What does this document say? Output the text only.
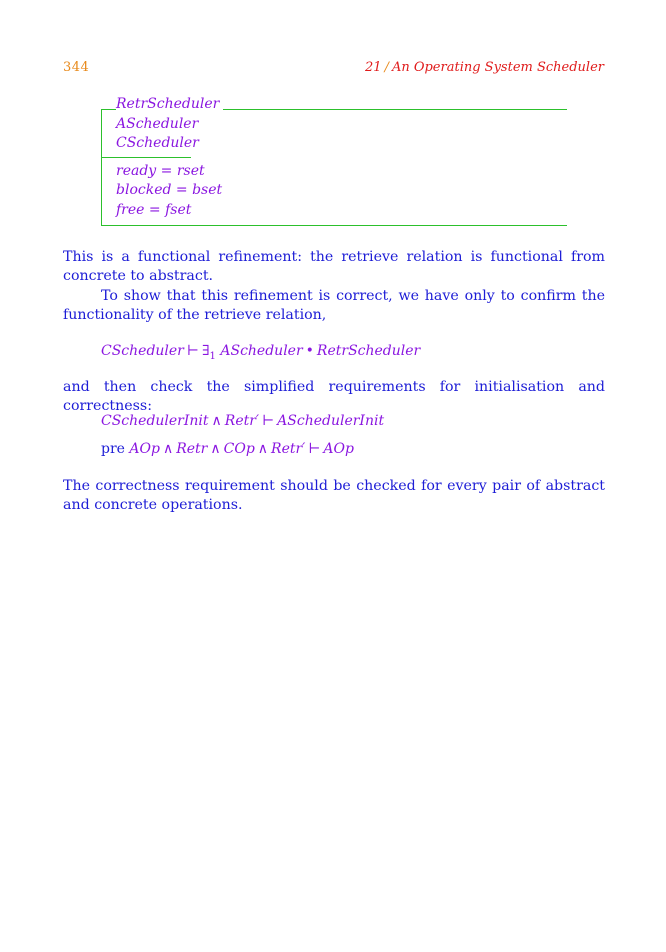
344	21 / An Operating System Scheduler
RetrScheduler
AScheduler
CScheduler
ready = rset
blocked = bset
free = fset

This is a functional refinement: the retrieve relation is functional from concrete to abstract.

To show that this refinement is correct, we have only to confirm the functionality of the retrieve relation,

CScheduler ⊢ $\exists_1$ AScheduler • RetrScheduler

and then check the simplified requirements for initialisation and correctness:

CSchedulerInit ∧ Retr′ ⊢ ASchedulerInit
pre AOp ∧ Retr ∧ COp ∧ Retr′ ⊢ AOp

The correctness requirement should be checked for every pair of abstract and concrete operations.
